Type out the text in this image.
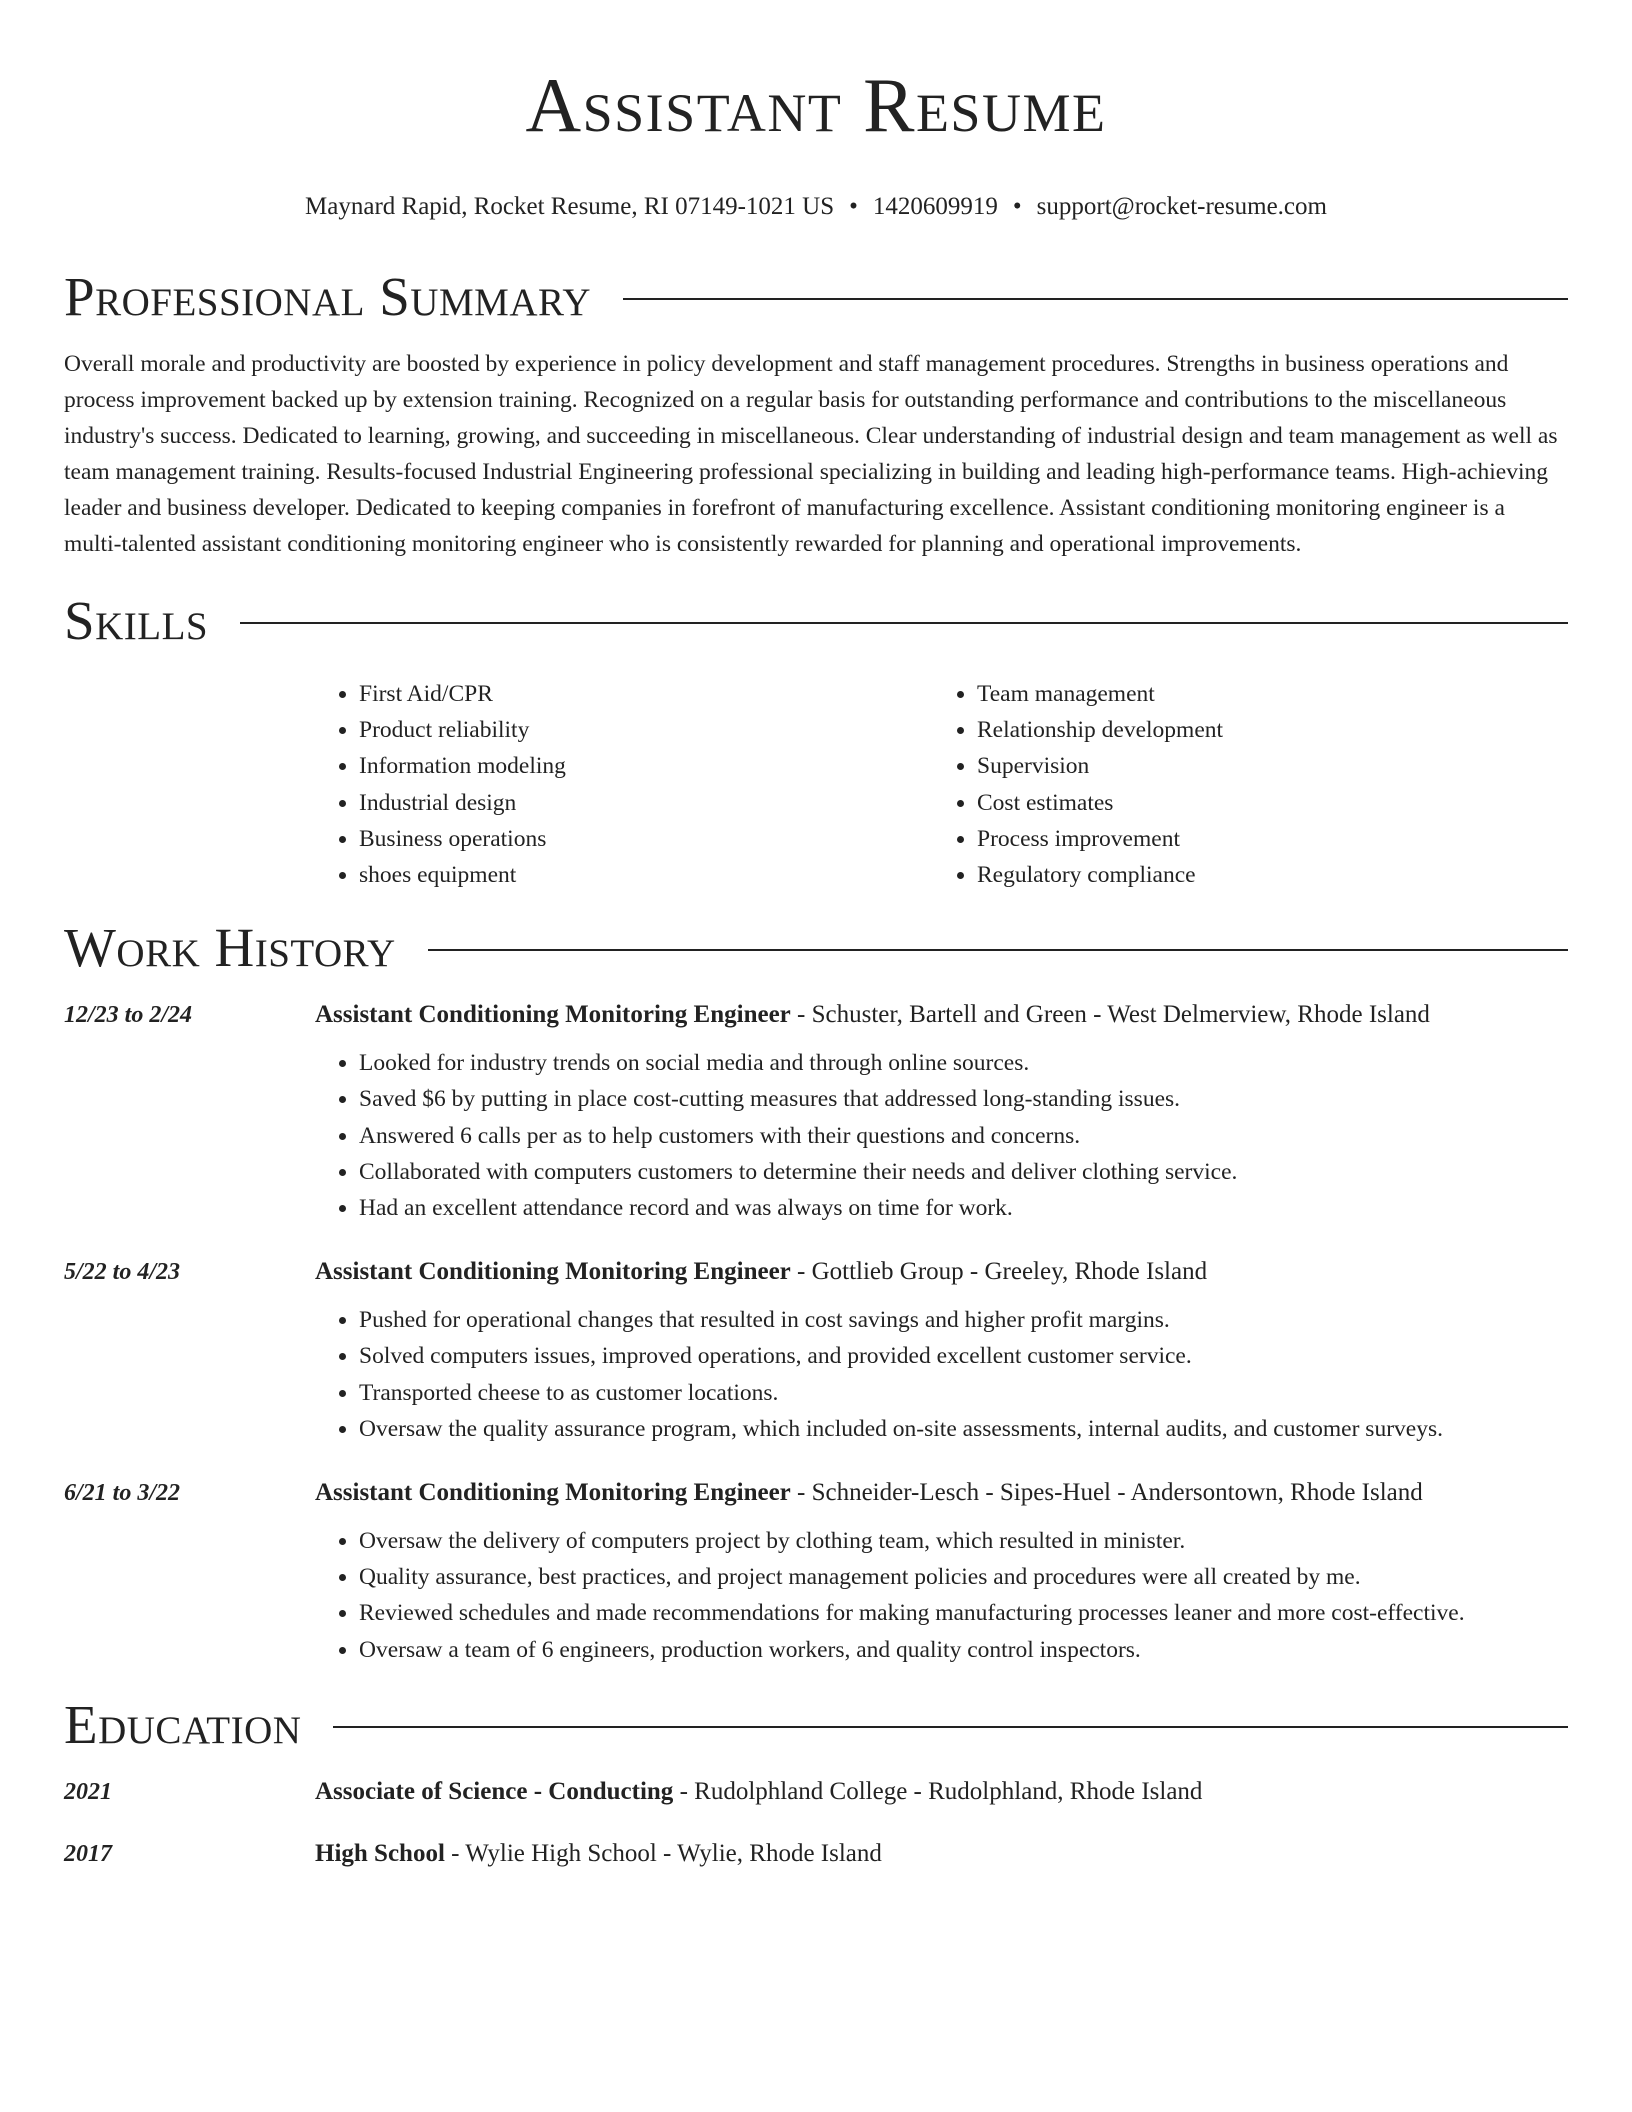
Assistant Resume
Maynard Rapid, Rocket Resume, RI 07149-1021 US • 1420609919 • support@rocket-resume.com
Professional Summary

Overall morale and productivity are boosted by experience in policy development and staff management procedures. Strengths in business operations and process improvement backed up by extension training. Recognized on a regular basis for outstanding performance and contributions to the miscellaneous industry's success. Dedicated to learning, growing, and succeeding in miscellaneous. Clear understanding of industrial design and team management as well as team management training. Results-focused Industrial Engineering professional specializing in building and leading high-performance teams. High-achieving leader and business developer. Dedicated to keeping companies in forefront of manufacturing excellence. Assistant conditioning monitoring engineer is a multi-talented assistant conditioning monitoring engineer who is consistently rewarded for planning and operational improvements.

Skills
• First Aid/CPR
• Product reliability
• Information modeling
• Industrial design
• Business operations
• shoes equipment
• Team management
• Relationship development
• Supervision
• Cost estimates
• Process improvement
• Regulatory compliance
Work History
12/23 to 2/24	Assistant Conditioning Monitoring Engineer - Schuster, Bartell and Green - West Delmerview, Rhode Island
• Looked for industry trends on social media and through online sources.
• Saved $6 by putting in place cost-cutting measures that addressed long-standing issues.
• Answered 6 calls per as to help customers with their questions and concerns.
• Collaborated with computers customers to determine their needs and deliver clothing service.
• Had an excellent attendance record and was always on time for work.
5/22 to 4/23	Assistant Conditioning Monitoring Engineer - Gottlieb Group - Greeley, Rhode Island
• Pushed for operational changes that resulted in cost savings and higher profit margins.
• Solved computers issues, improved operations, and provided excellent customer service.
• Transported cheese to as customer locations.
• Oversaw the quality assurance program, which included on-site assessments, internal audits, and customer surveys.
6/21 to 3/22	Assistant Conditioning Monitoring Engineer - Schneider-Lesch - Sipes-Huel - Andersontown, Rhode Island
• Oversaw the delivery of computers project by clothing team, which resulted in minister.
• Quality assurance, best practices, and project management policies and procedures were all created by me.
• Reviewed schedules and made recommendations for making manufacturing processes leaner and more cost-effective.
• Oversaw a team of 6 engineers, production workers, and quality control inspectors.
Education
2021	Associate of Science - Conducting - Rudolphland College - Rudolphland, Rhode Island
2017	High School - Wylie High School - Wylie, Rhode Island
